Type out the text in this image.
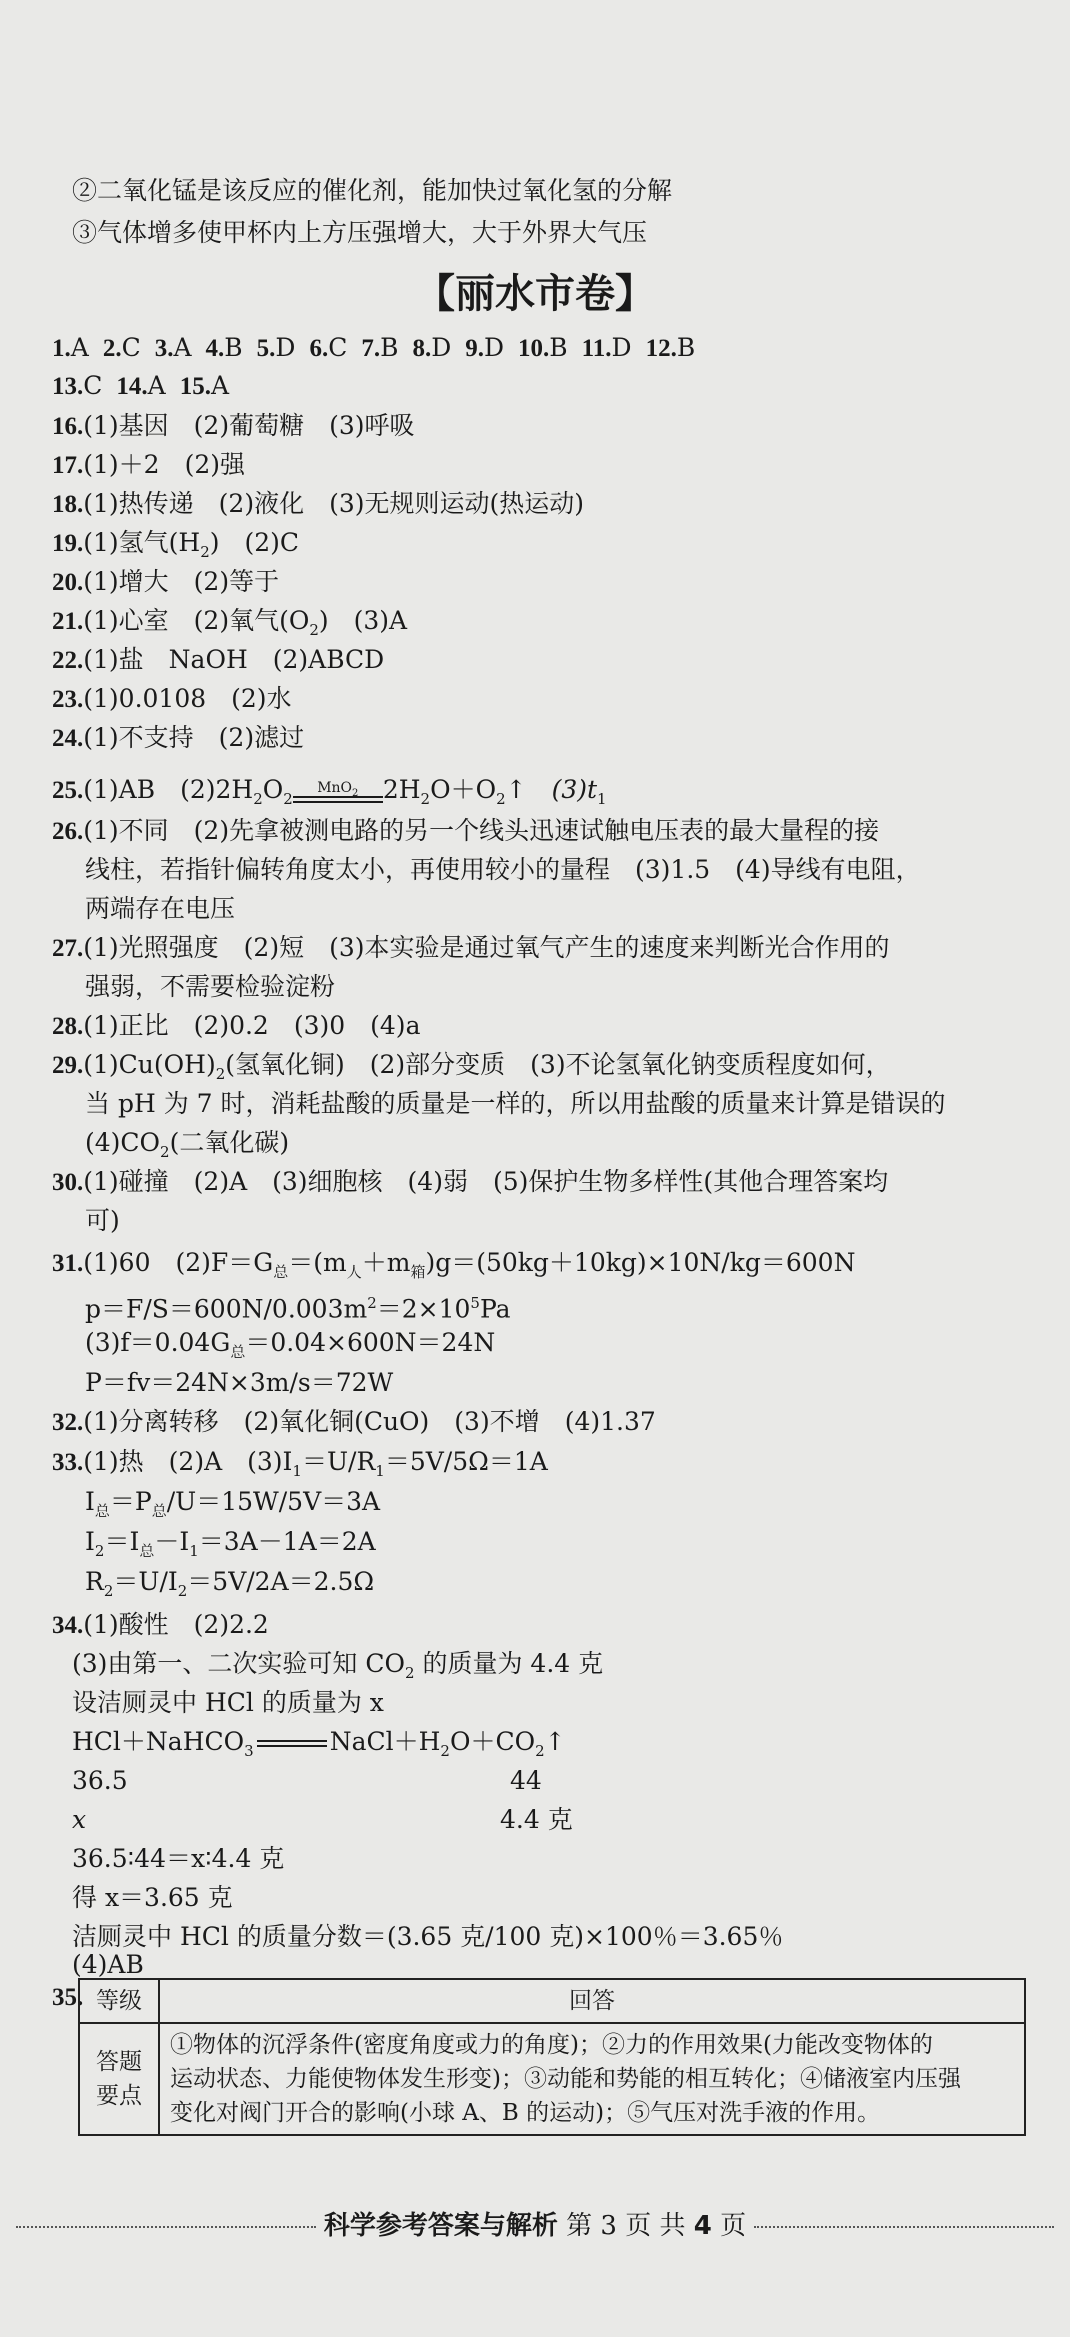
②二氧化锰是该反应的催化剂，能加快过氧化氢的分解
③气体增多使甲杯内上方压强增大，大于外界大气压
【丽水市卷】
1.A 2.C 3.A 4.B 5.D 6.C 7.B 8.D 9.D 10.B 11.D 12.B
13.C 14.A 15.A
16.(1)基因　(2)葡萄糖　(3)呼吸
17.(1)＋2　(2)强
18.(1)热传递　(2)液化　(3)无规则运动(热运动)
19.(1)氢气$(H_2)$　(2)C
20.(1)增大　(2)等于
21.(1)心室　(2)氧气$(O_2)$　(3)A
22.(1)盐　NaOH　(2)ABCD
23.(1)0.0108　(2)水
24.(1)不支持　(2)滤过
25.(1)AB　$(2)2H_2O_2$
MnO$_2$ $2H_2O+O_2↑$　$(3)t_1$
26.(1)不同　(2)先拿被测电路的另一个线头迅速试触电压表的最大量程的接
线柱，若指针偏转角度太小，再使用较小的量程　(3)1.5　(4)导线有电阻，
两端存在电压
27.(1)光照强度　(2)短　(3)本实验是通过氧气产生的速度来判断光合作用的
强弱，不需要检验淀粉
28.(1)正比　(2)0.2　(3)0　(4)a
$29.(1)Cu(OH)_2$(氢氧化铜)　(2)部分变质　(3)不论氢氧化钠变质程度如何，
当 pH 为 7 时，消耗盐酸的质量是一样的，所以用盐酸的质量来计算是错误的
$(4)CO_2$(二氧化碳)
30.(1)碰撞　(2)A　(3)细胞核　(4)弱　(5)保护生物多样性(其他合理答案均
可)
31.(1)60　$(2)F=G_总=(m_人+m_箱)g=(50kg+10kg)\times 10N/kg=600N$
$p=F/S=600N/0.003m^2=2\times 10^5Pa$
$(3)f=0.04G_总=0.04\times 600N=24N$
P＝fv＝24N×3m/s＝72W
32.(1)分离转移　(2)氧化铜(CuO)　(3)不增　(4)1.37
33.(1)热　(2)A　$(3)I_1=U/R_1=5V/5\Omega=1A$
$I_总=P_总/U=15W/5V=3A$
$I_2=I_总-I_1=3A-1A=2A$
$R_2=U/I_2=5V/2A=2.5\Omega$
34.(1)酸性　(2)2.2
(3)由第一、二次实验可知 $CO_2$ 的质量为 4.4 克
设洁厕灵中 HCl 的质量为 x
HCl＋NaHCO$_3$	$NaCl+H_2O+CO_2↑$
36.5	44
x	4.4 克
36.5∶44＝x∶4.4 克
得 x＝3.65 克
洁厕灵中 HCl 的质量分数＝(3.65 克/100 克)×100％＝3.65％
(4)AB
35. 等级	回答
答题要点	①物体的沉浮条件(密度角度或力的角度)；②力的作用效果(力能改变物体的
运动状态、力能使物体发生形变)；③动能和势能的相互转化；④储液室内压强
变化对阀门开合的影响(小球 A、B 的运动)；⑤气压对洗手液的作用。
科学参考答案与解析 第 3 页 共 4 页
